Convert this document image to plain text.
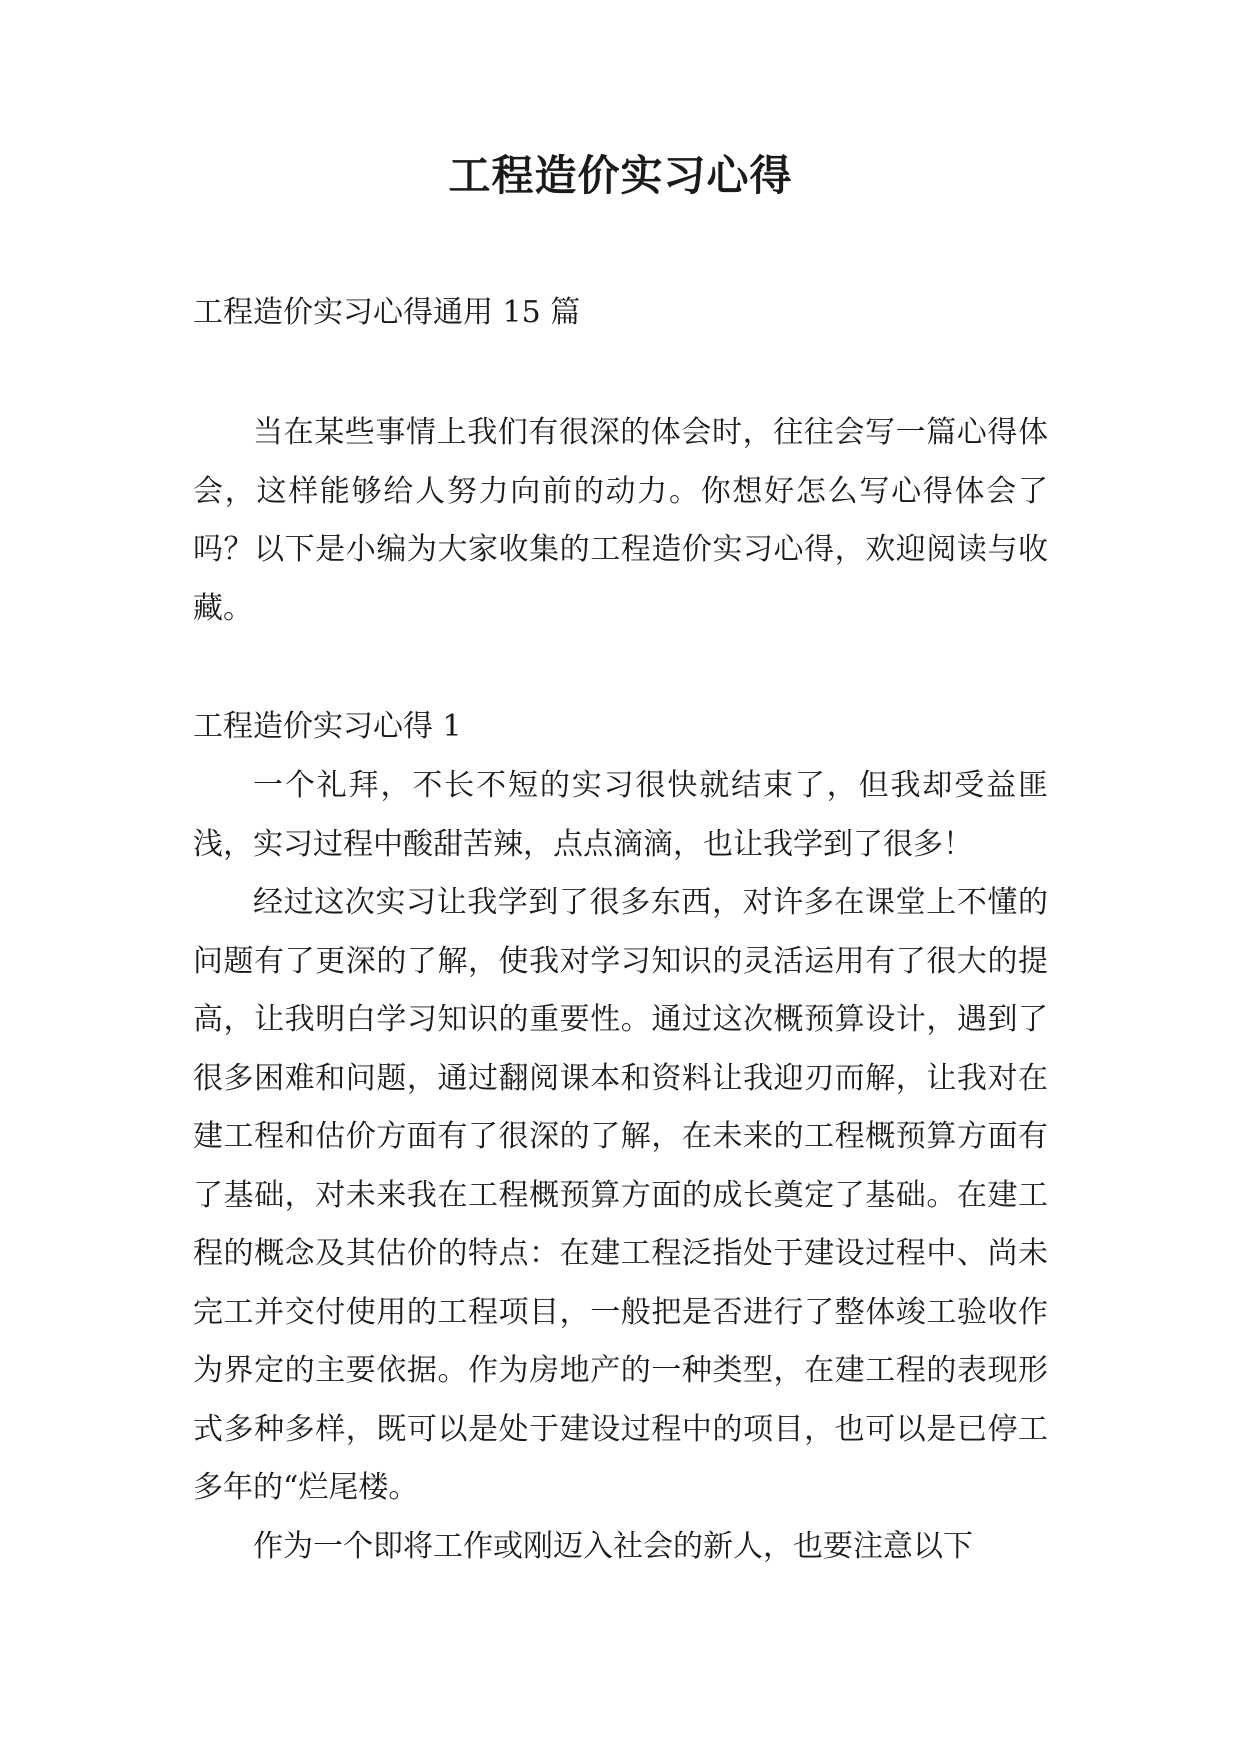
工程造价实习心得

工程造价实习心得通用 15 篇

当在某些事情上我们有很深的体会时，往往会写一篇心得体会，这样能够给人努力向前的动力。你想好怎么写心得体会了吗？以下是小编为大家收集的工程造价实习心得，欢迎阅读与收藏。

工程造价实习心得 1

一个礼拜，不长不短的实习很快就结束了，但我却受益匪浅，实习过程中酸甜苦辣，点点滴滴，也让我学到了很多！

经过这次实习让我学到了很多东西，对许多在课堂上不懂的问题有了更深的了解，使我对学习知识的灵活运用有了很大的提高，让我明白学习知识的重要性。通过这次概预算设计，遇到了很多困难和问题，通过翻阅课本和资料让我迎刃而解，让我对在建工程和估价方面有了很深的了解，在未来的工程概预算方面有了基础，对未来我在工程概预算方面的成长奠定了基础。在建工程的概念及其估价的特点：在建工程泛指处于建设过程中、尚未完工并交付使用的工程项目，一般把是否进行了整体竣工验收作为界定的主要依据。作为房地产的一种类型，在建工程的表现形式多种多样，既可以是处于建设过程中的项目，也可以是已停工多年的“烂尾楼。

作为一个即将工作或刚迈入社会的新人，也要注意以下
